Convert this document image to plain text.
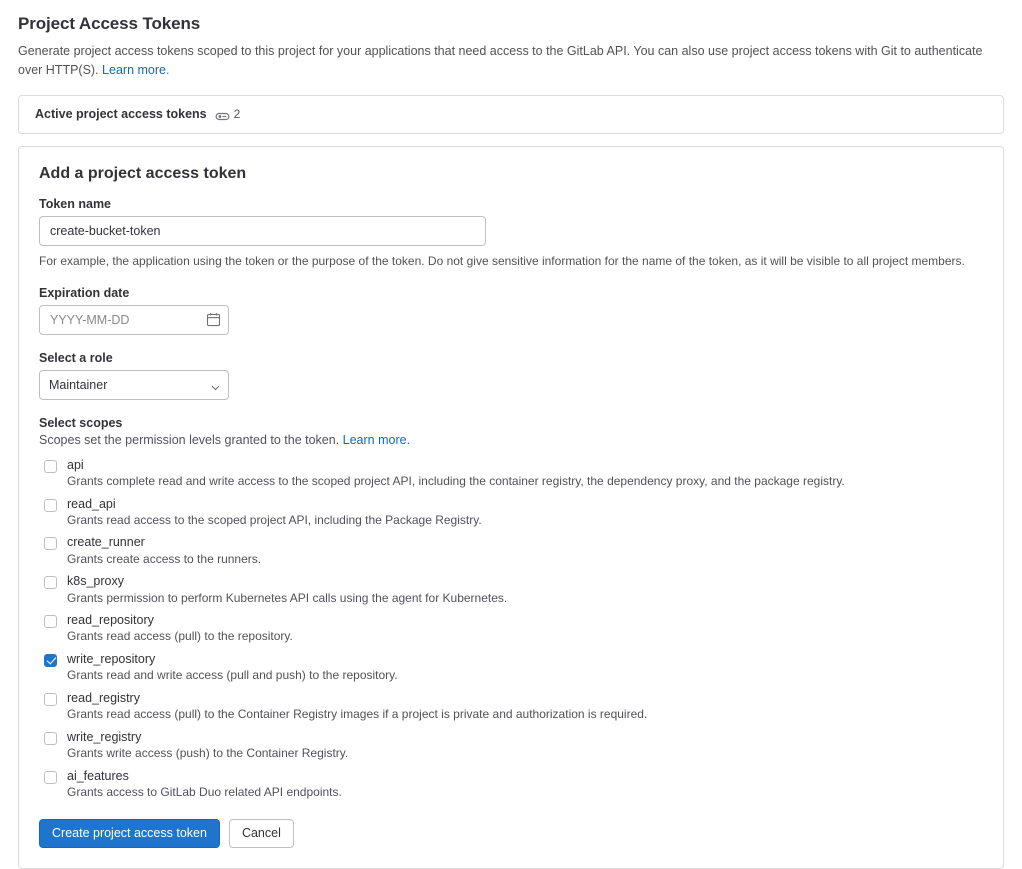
Project Access Tokens

Generate project access tokens scoped to this project for your applications that need access to the GitLab API. You can also use project access tokens with Git to authenticate over HTTP(S). Learn more.

Active project access tokens 2
Add a project access token
Token name
create-bucket-token

For example, the application using the token or the purpose of the token. Do not give sensitive information for the name of the token, as it will be visible to all project members.

Expiration date
YYYY-MM-DD
Select a role
Maintainer
Select scopes
Scopes set the permission levels granted to the token. Learn more.
api
Grants complete read and write access to the scoped project API, including the container registry, the dependency proxy, and the package registry.
read_api
Grants read access to the scoped project API, including the Package Registry.
create_runner
Grants create access to the runners.
k8s_proxy
Grants permission to perform Kubernetes API calls using the agent for Kubernetes.
read_repository
Grants read access (pull) to the repository.
write_repository
Grants read and write access (pull and push) to the repository.
read_registry
Grants read access (pull) to the Container Registry images if a project is private and authorization is required.
write_registry
Grants write access (push) to the Container Registry.
ai_features
Grants access to GitLab Duo related API endpoints.
Create project access token	Cancel
